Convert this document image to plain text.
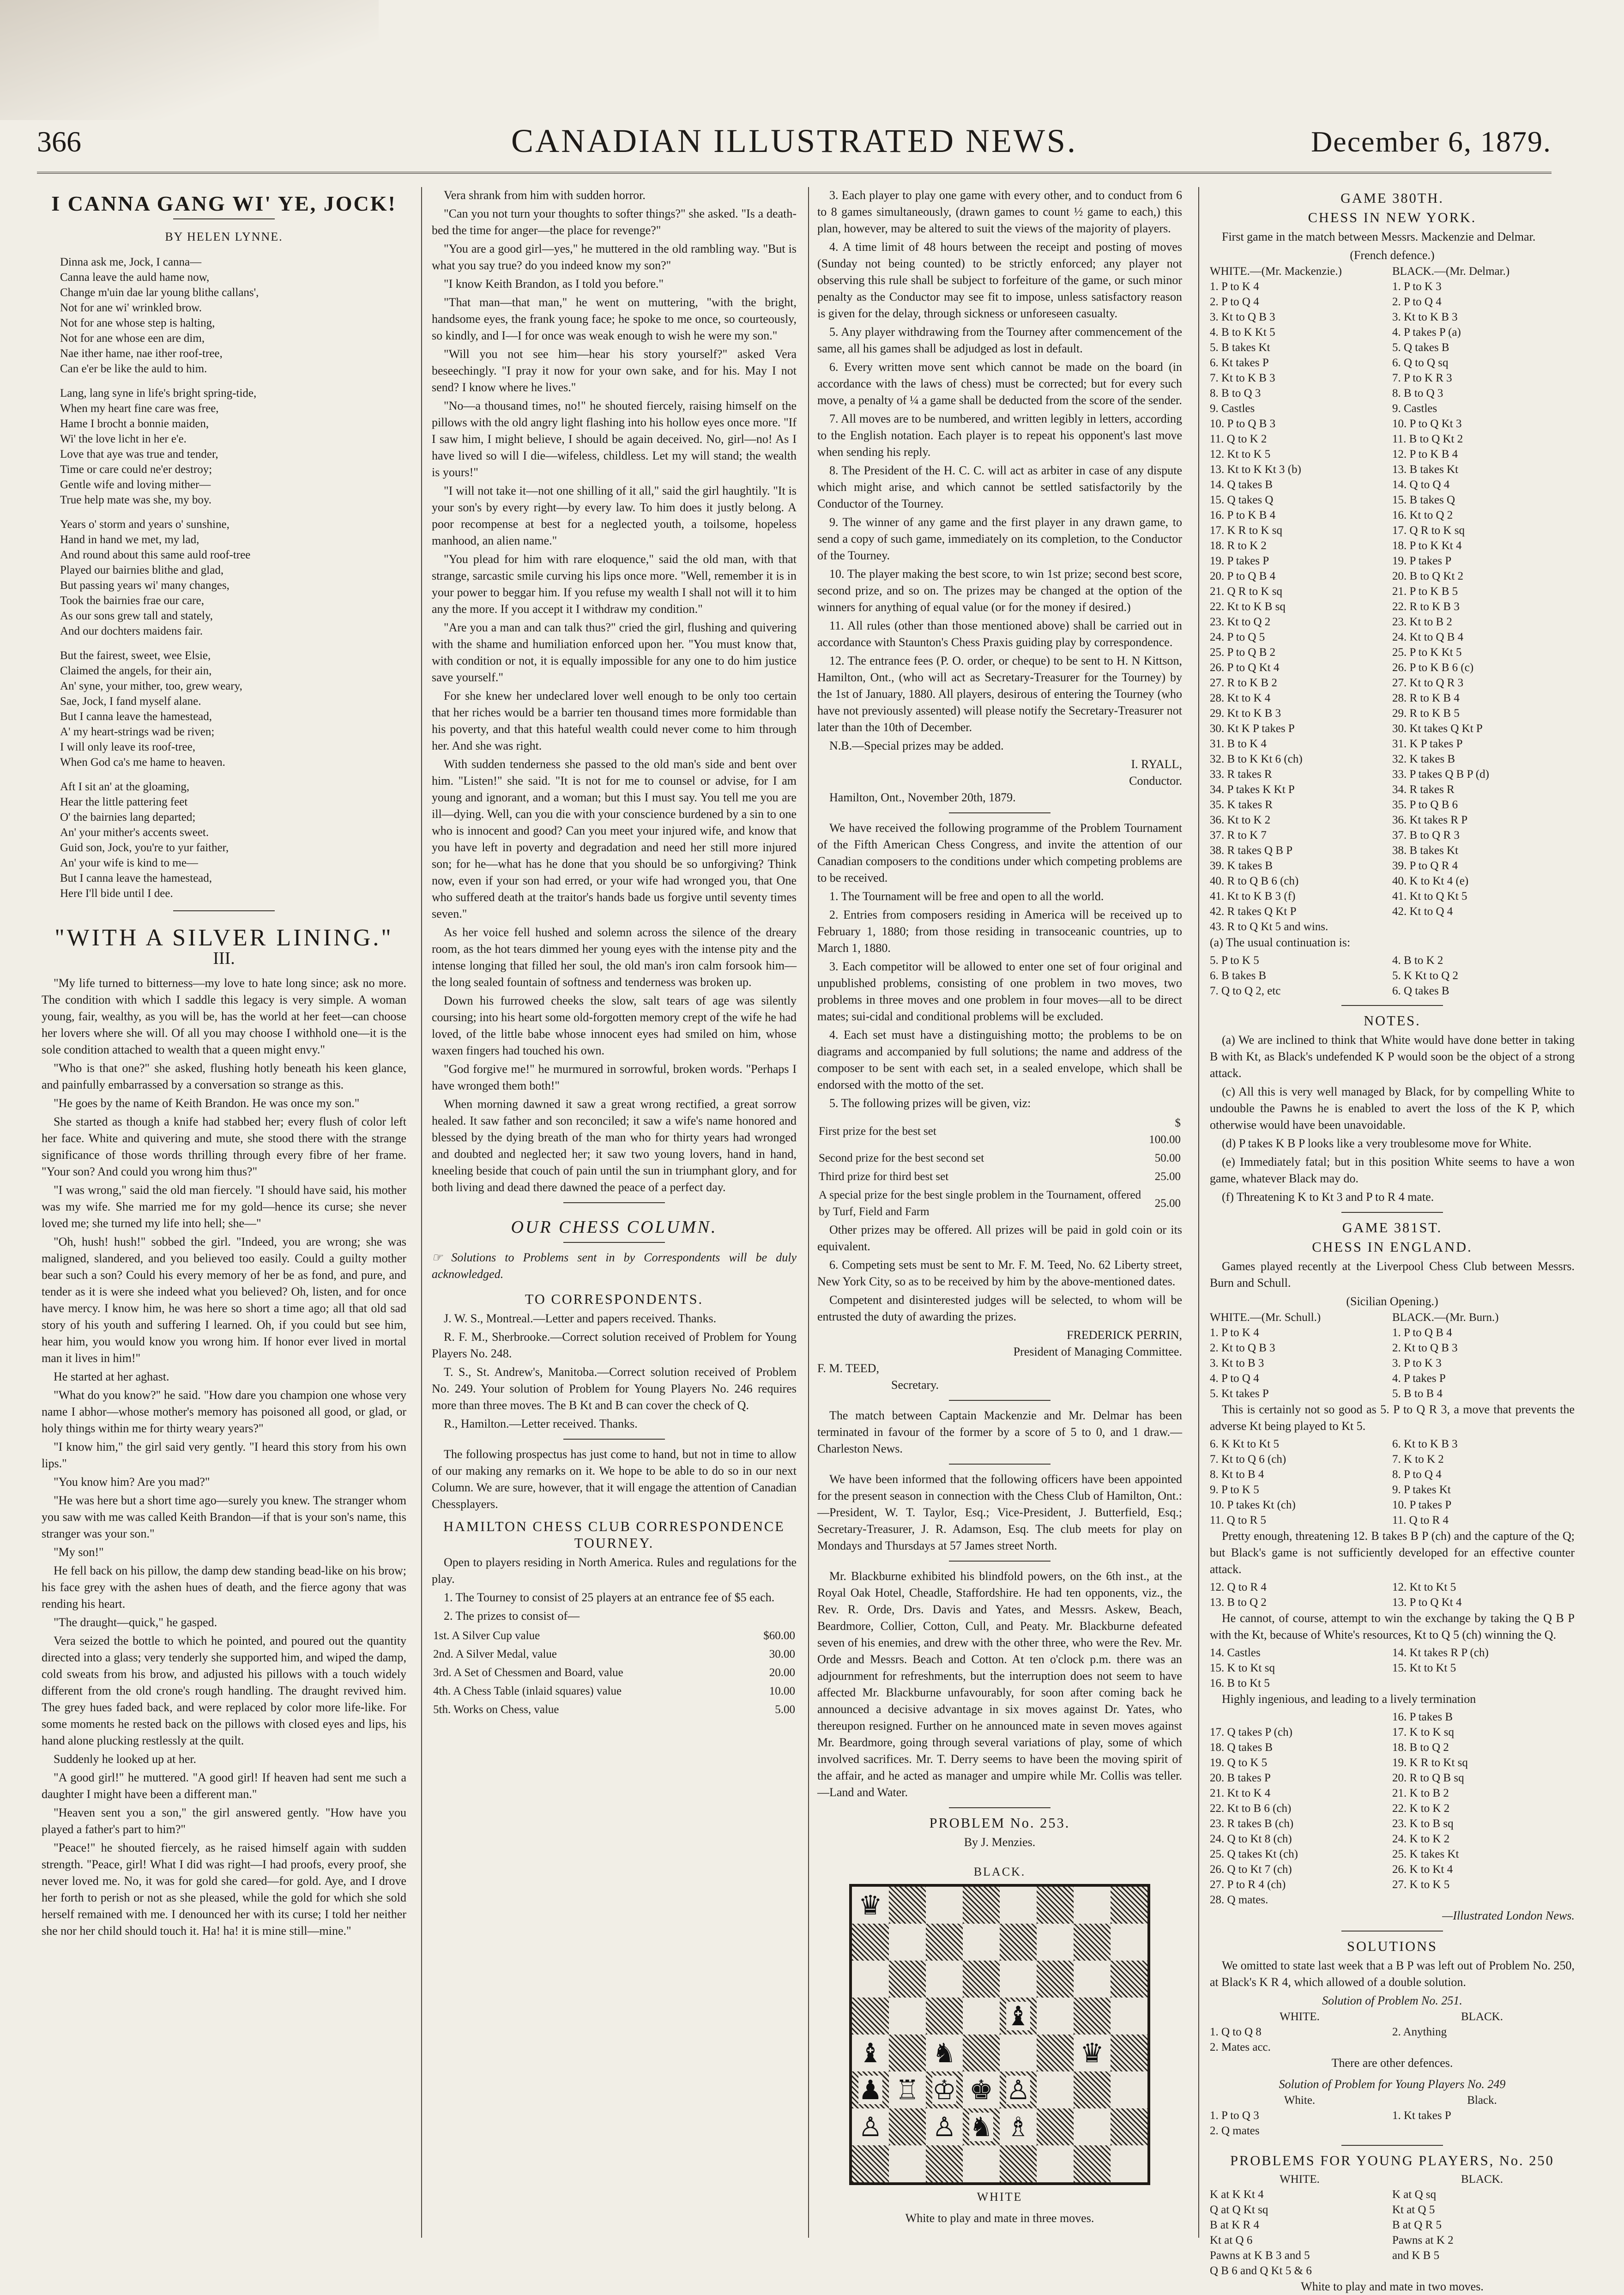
366	CANADIAN ILLUSTRATED NEWS.	December 6, 1879.
I CANNA GANG WI' YE, JOCK!
BY HELEN LYNNE.
Dinna ask me, Jock, I canna—
Canna leave the auld hame now,
Change m'uin dae lar young blithe callans',
Not for ane wi' wrinkled brow.
Not for ane whose step is halting,
Not for ane whose een are dim,
Nae ither hame, nae ither roof-tree,
Can e'er be like the auld to him.
Lang, lang syne in life's bright spring-tide,
When my heart fine care was free,
Hame I brocht a bonnie maiden,
Wi' the love licht in her e'e.
Love that aye was true and tender,
Time or care could ne'er destroy;
Gentle wife and loving mither—
True help mate was she, my boy.
Years o' storm and years o' sunshine,
Hand in hand we met, my lad,
And round about this same auld roof-tree
Played our bairnies blithe and glad,
But passing years wi' many changes,
Took the bairnies frae our care,
As our sons grew tall and stately,
And our dochters maidens fair.
But the fairest, sweet, wee Elsie,
Claimed the angels, for their ain,
An' syne, your mither, too, grew weary,
Sae, Jock, I fand myself alane.
But I canna leave the hamestead,
A' my heart-strings wad be riven;
I will only leave its roof-tree,
When God ca's me hame to heaven.
Aft I sit an' at the gloaming,
Hear the little pattering feet
O' the bairnies lang departed;
An' your mither's accents sweet.
Guid son, Jock, you're to yur faither,
An' your wife is kind to me—
But I canna leave the hamestead,
Here I'll bide until I dee.
"WITH A SILVER LINING."
III.

"My life turned to bitterness—my love to hate long since; ask no more. The condition with which I saddle this legacy is very simple. A woman young, fair, wealthy, as you will be, has the world at her feet—can choose her lovers where she will. Of all you may choose I withhold one—it is the sole condition attached to wealth that a queen might envy."

"Who is that one?" she asked, flushing hotly beneath his keen glance, and painfully embarrassed by a conversation so strange as this.

"He goes by the name of Keith Brandon. He was once my son."

She started as though a knife had stabbed her; every flush of color left her face. White and quivering and mute, she stood there with the strange significance of those words thrilling through every fibre of her frame. "Your son? And could you wrong him thus?"

"I was wrong," said the old man fiercely. "I should have said, his mother was my wife. She married me for my gold—hence its curse; she never loved me; she turned my life into hell; she—"

"Oh, hush! hush!" sobbed the girl. "Indeed, you are wrong; she was maligned, slandered, and you believed too easily. Could a guilty mother bear such a son? Could his every memory of her be as fond, and pure, and tender as it is were she indeed what you believed? Oh, listen, and for once have mercy. I know him, he was here so short a time ago; all that old sad story of his youth and suffering I learned. Oh, if you could but see him, hear him, you would know you wrong him. If honor ever lived in mortal man it lives in him!"

He started at her aghast.

"What do you know?" he said. "How dare you champion one whose very name I abhor—whose mother's memory has poisoned all good, or glad, or holy things within me for thirty weary years?"

"I know him," the girl said very gently. "I heard this story from his own lips."

"You know him? Are you mad?"

"He was here but a short time ago—surely you knew. The stranger whom you saw with me was called Keith Brandon—if that is your son's name, this stranger was your son."

"My son!"

He fell back on his pillow, the damp dew standing bead-like on his brow; his face grey with the ashen hues of death, and the fierce agony that was rending his heart.

"The draught—quick," he gasped.

Vera seized the bottle to which he pointed, and poured out the quantity directed into a glass; very tenderly she supported him, and wiped the damp, cold sweats from his brow, and adjusted his pillows with a touch widely different from the old crone's rough handling. The draught revived him. The grey hues faded back, and were replaced by color more life-like. For some moments he rested back on the pillows with closed eyes and lips, his hand alone plucking restlessly at the quilt.

Suddenly he looked up at her.

"A good girl!" he muttered. "A good girl! If heaven had sent me such a daughter I might have been a different man."

"Heaven sent you a son," the girl answered gently. "How have you played a father's part to him?"

"Peace!" he shouted fiercely, as he raised himself again with sudden strength. "Peace, girl! What I did was right—I had proofs, every proof, she never loved me. No, it was for gold she cared—for gold. Aye, and I drove her forth to perish or not as she pleased, while the gold for which she sold herself remained with me. I denounced her with its curse; I told her neither she nor her child should touch it. Ha! ha! it is mine still—mine."

Vera shrank from him with sudden horror.

"Can you not turn your thoughts to softer things?" she asked. "Is a death-bed the time for anger—the place for revenge?"

"You are a good girl—yes," he muttered in the old rambling way. "But is what you say true? do you indeed know my son?"

"I know Keith Brandon, as I told you before."

"That man—that man," he went on muttering, "with the bright, handsome eyes, the frank young face; he spoke to me once, so courteously, so kindly, and I—I for once was weak enough to wish he were my son."

"Will you not see him—hear his story yourself?" asked Vera beseechingly. "I pray it now for your own sake, and for his. May I not send? I know where he lives."

"No—a thousand times, no!" he shouted fiercely, raising himself on the pillows with the old angry light flashing into his hollow eyes once more. "If I saw him, I might believe, I should be again deceived. No, girl—no! As I have lived so will I die—wifeless, childless. Let my will stand; the wealth is yours!"

"I will not take it—not one shilling of it all," said the girl haughtily. "It is your son's by every right—by every law. To him does it justly belong. A poor recompense at best for a neglected youth, a toilsome, hopeless manhood, an alien name."

"You plead for him with rare eloquence," said the old man, with that strange, sarcastic smile curving his lips once more. "Well, remember it is in your power to beggar him. If you refuse my wealth I shall not will it to him any the more. If you accept it I withdraw my condition."

"Are you a man and can talk thus?" cried the girl, flushing and quivering with the shame and humiliation enforced upon her. "You must know that, with condition or not, it is equally impossible for any one to do him justice save yourself."

For she knew her undeclared lover well enough to be only too certain that her riches would be a barrier ten thousand times more formidable than his poverty, and that this hateful wealth could never come to him through her. And she was right.

With sudden tenderness she passed to the old man's side and bent over him. "Listen!" she said. "It is not for me to counsel or advise, for I am young and ignorant, and a woman; but this I must say. You tell me you are ill—dying. Well, can you die with your conscience burdened by a sin to one who is innocent and good? Can you meet your injured wife, and know that you have left in poverty and degradation and need her still more injured son; for he—what has he done that you should be so unforgiving? Think now, even if your son had erred, or your wife had wronged you, that One who suffered death at the traitor's hands bade us forgive until seventy times seven."

As her voice fell hushed and solemn across the silence of the dreary room, as the hot tears dimmed her young eyes with the intense pity and the intense longing that filled her soul, the old man's iron calm forsook him—the long sealed fountain of softness and tenderness was broken up.

Down his furrowed cheeks the slow, salt tears of age was silently coursing; into his heart some old-forgotten memory crept of the wife he had loved, of the little babe whose innocent eyes had smiled on him, whose waxen fingers had touched his own.

"God forgive me!" he murmured in sorrowful, broken words. "Perhaps I have wronged them both!"

When morning dawned it saw a great wrong rectified, a great sorrow healed. It saw father and son reconciled; it saw a wife's name honored and blessed by the dying breath of the man who for thirty years had wronged and doubted and neglected her; it saw two young lovers, hand in hand, kneeling beside that couch of pain until the sun in triumphant glory, and for both living and dead there dawned the peace of a perfect day.

OUR CHESS COLUMN.

☞ Solutions to Problems sent in by Correspondents will be duly acknowledged.

TO CORRESPONDENTS.

J. W. S., Montreal.—Letter and papers received. Thanks.

R. F. M., Sherbrooke.—Correct solution received of Problem for Young Players No. 248.

T. S., St. Andrew's, Manitoba.—Correct solution received of Problem No. 249. Your solution of Problem for Young Players No. 246 requires more than three moves. The B Kt and B can cover the check of Q.

R., Hamilton.—Letter received. Thanks.

The following prospectus has just come to hand, but not in time to allow of our making any remarks on it. We hope to be able to do so in our next Column. We are sure, however, that it will engage the attention of Canadian Chessplayers.

HAMILTON CHESS CLUB CORRESPONDENCE TOURNEY.

Open to players residing in North America. Rules and regulations for the play.

1. The Tourney to consist of 25 players at an entrance fee of $5 each.

2. The prizes to consist of—

1st. A Silver Cup value	$60.00
2nd. A Silver Medal, value	30.00
3rd. A Set of Chessmen and Board, value	20.00
4th. A Chess Table (inlaid squares) value	10.00
5th. Works on Chess, value	5.00

3. Each player to play one game with every other, and to conduct from 6 to 8 games simultaneously, (drawn games to count ½ game to each,) this plan, however, may be altered to suit the views of the majority of players.

4. A time limit of 48 hours between the receipt and posting of moves (Sunday not being counted) to be strictly enforced; any player not observing this rule shall be subject to forfeiture of the game, or such minor penalty as the Conductor may see fit to impose, unless satisfactory reason is given for the delay, through sickness or unforeseen casualty.

5. Any player withdrawing from the Tourney after commencement of the same, all his games shall be adjudged as lost in default.

6. Every written move sent which cannot be made on the board (in accordance with the laws of chess) must be corrected; but for every such move, a penalty of ¼ a game shall be deducted from the score of the sender.

7. All moves are to be numbered, and written legibly in letters, according to the English notation. Each player is to repeat his opponent's last move when sending his reply.

8. The President of the H. C. C. will act as arbiter in case of any dispute which might arise, and which cannot be settled satisfactorily by the Conductor of the Tourney.

9. The winner of any game and the first player in any drawn game, to send a copy of such game, immediately on its completion, to the Conductor of the Tourney.

10. The player making the best score, to win 1st prize; second best score, second prize, and so on. The prizes may be changed at the option of the winners for anything of equal value (or for the money if desired.)

11. All rules (other than those mentioned above) shall be carried out in accordance with Staunton's Chess Praxis guiding play by correspondence.

12. The entrance fees (P. O. order, or cheque) to be sent to H. N Kittson, Hamilton, Ont., (who will act as Secretary-Treasurer for the Tourney) by the 1st of January, 1880. All players, desirous of entering the Tourney (who have not previously assented) will please notify the Secretary-Treasurer not later than the 10th of December.

N.B.—Special prizes may be added.

I. RYALL,
Conductor.

Hamilton, Ont., November 20th, 1879.

We have received the following programme of the Problem Tournament of the Fifth American Chess Congress, and invite the attention of our Canadian composers to the conditions under which competing problems are to be received.

1. The Tournament will be free and open to all the world.

2. Entries from composers residing in America will be received up to February 1, 1880; from those residing in transoceanic countries, up to March 1, 1880.

3. Each competitor will be allowed to enter one set of four original and unpublished problems, consisting of one problem in two moves, two problems in three moves and one problem in four moves—all to be direct mates; sui-cidal and conditional problems will be excluded.

4. Each set must have a distinguishing motto; the problems to be on diagrams and accompanied by full solutions; the name and address of the composer to be sent with each set, in a sealed envelope, which shall be endorsed with the motto of the set.

5. The following prizes will be given, viz:

First prize for the best set	$ 100.00
Second prize for the best second set	50.00
Third prize for third best set	25.00
A special prize for the best single problem in the Tournament, offered by Turf, Field and Farm	25.00

Other prizes may be offered. All prizes will be paid in gold coin or its equivalent.

6. Competing sets must be sent to Mr. F. M. Teed, No. 62 Liberty street, New York City, so as to be received by him by the above-mentioned dates.

Competent and disinterested judges will be selected, to whom will be entrusted the duty of awarding the prizes.

FREDERICK PERRIN,
President of Managing Committee.
F. M. TEED,
Secretary.

The match between Captain Mackenzie and Mr. Delmar has been terminated in favour of the former by a score of 5 to 0, and 1 draw.—Charleston News.

We have been informed that the following officers have been appointed for the present season in connection with the Chess Club of Hamilton, Ont.:—President, W. T. Taylor, Esq.; Vice-President, J. Butterfield, Esq.; Secretary-Treasurer, J. R. Adamson, Esq. The club meets for play on Mondays and Thursdays at 57 James street North.

Mr. Blackburne exhibited his blindfold powers, on the 6th inst., at the Royal Oak Hotel, Cheadle, Staffordshire. He had ten opponents, viz., the Rev. R. Orde, Drs. Davis and Yates, and Messrs. Askew, Beach, Beardmore, Collier, Cotton, Cull, and Peaty. Mr. Blackburne defeated seven of his enemies, and drew with the other three, who were the Rev. Mr. Orde and Messrs. Beach and Cotton. At ten o'clock p.m. there was an adjournment for refreshments, but the interruption does not seem to have affected Mr. Blackburne unfavourably, for soon after coming back he announced a decisive advantage in six moves against Dr. Yates, who thereupon resigned. Further on he announced mate in seven moves against Mr. Beardmore, going through several variations of play, some of which involved sacrifices. Mr. T. Derry seems to have been the moving spirit of the affair, and he acted as manager and umpire while Mr. Collis was teller.—Land and Water.

PROBLEM No. 253.
By J. Menzies.
BLACK.
♛
♝
♝ ♞	♛
♟ ♖ ♔ ♚ ♙
♙ ♙ ♞ ♗
WHITE
White to play and mate in three moves.
GAME 380TH.
CHESS IN NEW YORK.

First game in the match between Messrs. Mackenzie and Delmar.

(French defence.)
WHITE.—(Mr. Mackenzie.)	BLACK.—(Mr. Delmar.)
1. P to K 4	1. P to K 3
2. P to Q 4	2. P to Q 4
3. Kt to Q B 3	3. Kt to K B 3
4. B to K Kt 5	4. P takes P (a)
5. B takes Kt	5. Q takes B
6. Kt takes P	6. Q to Q sq
7. Kt to K B 3	7. P to K R 3
8. B to Q 3	8. B to Q 3
9. Castles	9. Castles
10. P to Q B 3	10. P to Q Kt 3
11. Q to K 2	11. B to Q Kt 2
12. Kt to K 5	12. P to K B 4
13. Kt to K Kt 3 (b)	13. B takes Kt
14. Q takes B	14. Q to Q 4
15. Q takes Q	15. B takes Q
16. P to K B 4	16. Kt to Q 2
17. K R to K sq	17. Q R to K sq
18. R to K 2	18. P to K Kt 4
19. P takes P	19. P takes P
20. P to Q B 4	20. B to Q Kt 2
21. Q R to K sq	21. P to K B 5
22. Kt to K B sq	22. R to K B 3
23. Kt to Q 2	23. Kt to B 2
24. P to Q 5	24. Kt to Q B 4
25. P to Q B 2	25. P to K Kt 5
26. P to Q Kt 4	26. P to K B 6 (c)
27. R to K B 2	27. Kt to Q R 3
28. Kt to K 4	28. R to K B 4
29. Kt to K B 3	29. R to K B 5
30. Kt K P takes P	30. Kt takes Q Kt P
31. B to K 4	31. K P takes P
32. B to K Kt 6 (ch)	32. K takes B
33. R takes R	33. P takes Q B P (d)
34. P takes K Kt P	34. R takes R
35. K takes R	35. P to Q B 6
36. Kt to K 2	36. Kt takes R P
37. R to K 7	37. B to Q R 3
38. R takes Q B P	38. B takes Kt
39. K takes B	39. P to Q R 4
40. R to Q B 6 (ch)	40. K to Kt 4 (e)
41. Kt to K B 3 (f)	41. Kt to Q Kt 5
42. R takes Q Kt P	42. Kt to Q 4
43. R to Q Kt 5 and wins.	

(a) The usual continuation is:

5. P to K 5	4. B to K 2
6. B takes B	5. K Kt to Q 2
7. Q to Q 2, etc	6. Q takes B
NOTES.

(a) We are inclined to think that White would have done better in taking B with Kt, as Black's undefended K P would soon be the object of a strong attack.

(c) All this is very well managed by Black, for by compelling White to undouble the Pawns he is enabled to avert the loss of the K P, which otherwise would have been unavoidable.

(d) P takes K B P looks like a very troublesome move for White.

(e) Immediately fatal; but in this position White seems to have a won game, whatever Black may do.

(f) Threatening K to Kt 3 and P to R 4 mate.

GAME 381ST.
CHESS IN ENGLAND.

Games played recently at the Liverpool Chess Club between Messrs. Burn and Schull.

(Sicilian Opening.)
WHITE.—(Mr. Schull.)	BLACK.—(Mr. Burn.)
1. P to K 4	1. P to Q B 4
2. Kt to Q B 3	2. Kt to Q B 3
3. Kt to B 3	3. P to K 3
4. P to Q 4	4. P takes P
5. Kt takes P	5. B to B 4

This is certainly not so good as 5. P to Q R 3, a move that prevents the adverse Kt being played to Kt 5.

6. K Kt to Kt 5	6. Kt to K B 3
7. Kt to Q 6 (ch)	7. K to K 2
8. Kt to B 4	8. P to Q 4
9. P to K 5	9. P takes Kt
10. P takes Kt (ch)	10. P takes P
11. Q to R 5	11. Q to R 4

Pretty enough, threatening 12. B takes B P (ch) and the capture of the Q; but Black's game is not sufficiently developed for an effective counter attack.

12. Q to R 4	12. Kt to Kt 5
13. B to Q 2	13. P to Q Kt 4

He cannot, of course, attempt to win the exchange by taking the Q B P with the Kt, because of White's resources, Kt to Q 5 (ch) winning the Q.

14. Castles	14. Kt takes R P (ch)
15. K to Kt sq	15. Kt to Kt 5
16. B to Kt 5	

Highly ingenious, and leading to a lively termination

	16. P takes B
17. Q takes P (ch)	17. K to K sq
18. Q takes B	18. B to Q 2
19. Q to K 5	19. K R to Kt sq
20. B takes P	20. R to Q B sq
21. Kt to K 4	21. K to B 2
22. Kt to B 6 (ch)	22. K to K 2
23. R takes B (ch)	23. K to B sq
24. Q to Kt 8 (ch)	24. K to K 2
25. Q takes Kt (ch)	25. K takes Kt
26. Q to Kt 7 (ch)	26. K to Kt 4
27. P to R 4 (ch)	27. K to K 5
28. Q mates.	
—Illustrated London News.
SOLUTIONS

We omitted to state last week that a B P was left out of Problem No. 250, at Black's K R 4, which allowed of a double solution.

Solution of Problem No. 251.
WHITE.	BLACK.
1. Q to Q 8	2. Anything
2. Mates acc.	
There are other defences.
Solution of Problem for Young Players No. 249
White.	Black.
1. P to Q 3	1. Kt takes P
2. Q mates	
PROBLEMS FOR YOUNG PLAYERS, No. 250
WHITE.	BLACK.
K at K Kt 4	K at Q sq
Q at Q Kt sq	Kt at Q 5
B at K R 4	B at Q R 5
Kt at Q 6	Pawns at K 2
Pawns at K B 3 and 5	and K B 5
Q B 6 and Q Kt 5 & 6	
White to play and mate in two moves.
